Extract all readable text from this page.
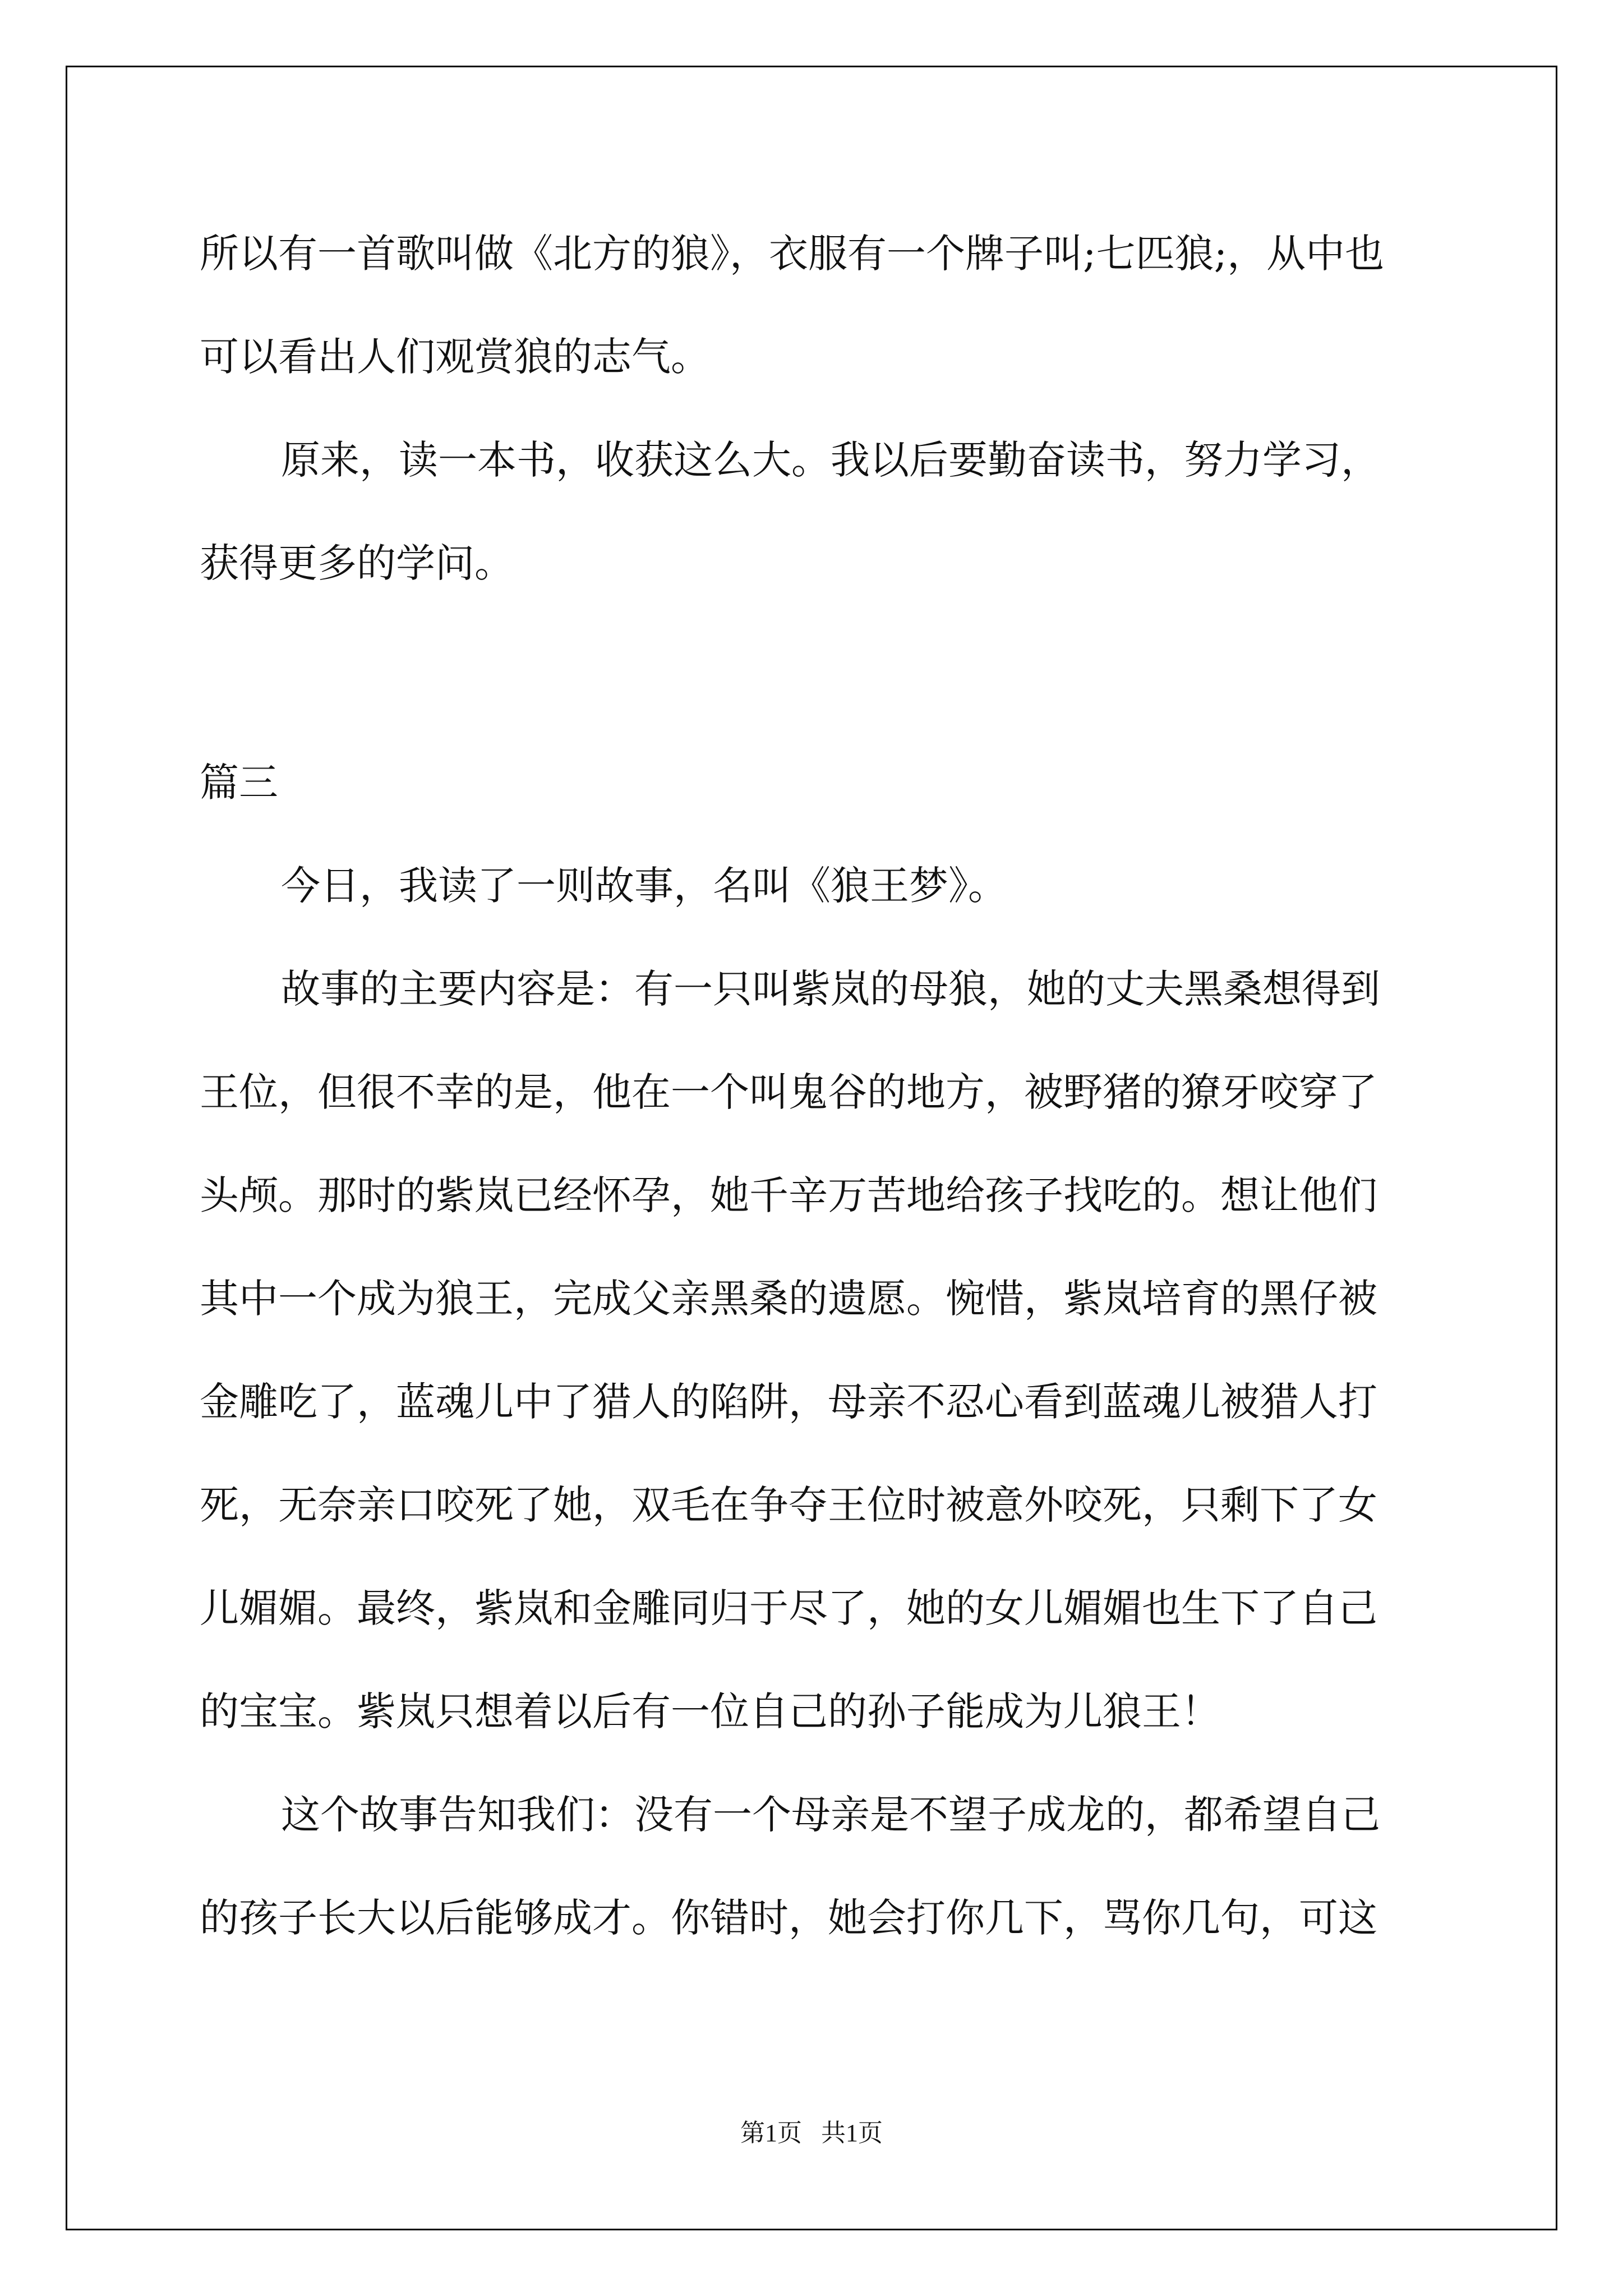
所以有一首歌叫做《北方的狼》，衣服有一个牌子叫;七匹狼;，从中也
可以看出人们观赏狼的志气。
原来，读一本书，收获这么大。我以后要勤奋读书，努力学习，
获得更多的学问。
篇三
今日，我读了一则故事，名叫《狼王梦》。
故事的主要内容是：有一只叫紫岚的母狼，她的丈夫黑桑想得到
王位，但很不幸的是，他在一个叫鬼谷的地方，被野猪的獠牙咬穿了
头颅。那时的紫岚已经怀孕，她千辛万苦地给孩子找吃的。想让他们
其中一个成为狼王，完成父亲黑桑的遗愿。惋惜，紫岚培育的黑仔被
金雕吃了，蓝魂儿中了猎人的陷阱，母亲不忍心看到蓝魂儿被猎人打
死，无奈亲口咬死了她，双毛在争夺王位时被意外咬死，只剩下了女
儿媚媚。最终，紫岚和金雕同归于尽了，她的女儿媚媚也生下了自己
的宝宝。紫岚只想着以后有一位自己的孙子能成为儿狼王！
这个故事告知我们：没有一个母亲是不望子成龙的，都希望自己
的孩子长大以后能够成才。你错时，她会打你几下，骂你几句，可这
第1页 共1页
